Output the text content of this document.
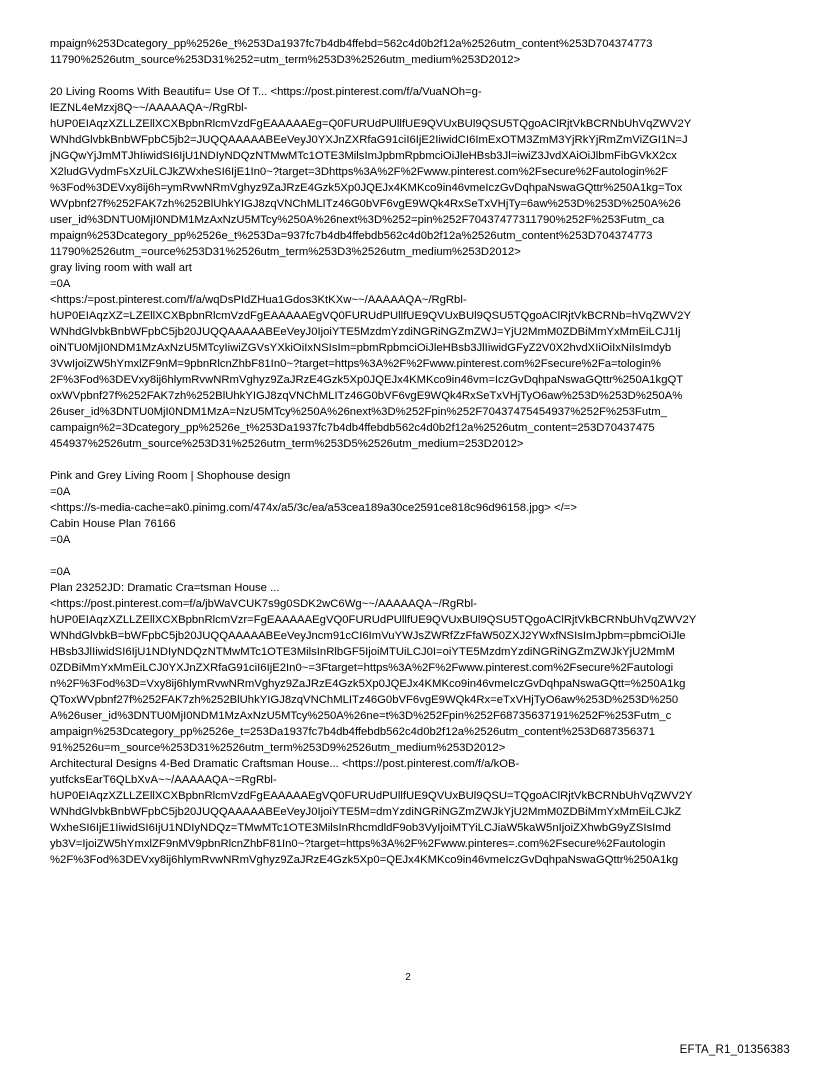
mpaign%253Dcategory_pp%2526e_t%253Da1937fc7b4db4ffebd=562c4d0b2f12a%2526utm_content%253D704374773
11790%2526utm_source%253D31%252=utm_term%253D3%2526utm_medium%253D2012>
20 Living Rooms With Beautifu= Use Of T... <https://post.pinterest.com/f/a/VuaNOh=g-
lEZNL4eMzxj8Q~~/AAAAAQA~/RgRbl-
hUP0EIAqzXZLLZEllXCXBpbnRlcmVzdFgEAAAAAEg=Q0FURUdPUllfUE9QVUxBUl9QSU5TQgoAClRjtVkBCRNbUhVqZWV2Y
WNhdGlvbkBnbWFpbC5jb2=JUQQAAAAABEeVeyJ0YXJnZXRfaG91ciI6IjE2IiwidCI6ImExOTM3ZmM3YjRkYjRmZmViZGI1N=J
jNGQwYjJmMTJhIiwidSI6IjU1NDIyNDQzNTMwMTc1OTE3MilsImJpbmRpbmciOiJleHBsb3Jl=iwiZ3JvdXAiOiJlbmFibGVkX2cx
X2ludGVydmFsXzUiLCJkZWxheSI6IjE1In0~?target=3Dhttps%3A%2F%2Fwww.pinterest.com%2Fsecure%2Fautologin%2F
%3Fod%3DEVxy8ij6h=ymRvwNRmVghyz9ZaJRzE4Gzk5Xp0JQEJx4KMKco9in46vmeIczGvDqhpaNswaGQttr%250A1kg=Tox
WVpbnf27f%252FAK7zh%252BlUhkYIGJ8zqVNChMLITz46G0bVF6vgE9WQk4RxSeTxVHjTy=6aw%253D%253D%250A%26
user_id%3DNTU0MjI0NDM1MzAxNzU5MTcy%250A%26next%3D%252=pin%252F70437477311790%252F%253Futm_ca
mpaign%253Dcategory_pp%2526e_t%253Da=937fc7b4db4ffebdb562c4d0b2f12a%2526utm_content%253D704374773
11790%2526utm_=ource%253D31%2526utm_term%253D3%2526utm_medium%253D2012>
gray living room with wall art
=0A
<https:/=post.pinterest.com/f/a/wqDsPIdZHua1Gdos3KtKXw~~/AAAAAQA~/RgRbl-
hUP0EIAqzXZ=LZEllXCXBpbnRlcmVzdFgEAAAAAEgVQ0FURUdPUllfUE9QVUxBUl9QSU5TQgoAClRjtVkBCRNb=hVqZWV2Y
WNhdGlvbkBnbWFpbC5jb20JUQQAAAAABEeVeyJ0IjoiYTE5MzdmYzdiNGRiNGZmZWJ=YjU2MmM0ZDBiMmYxMmEiLCJ1Ij
oiNTU0MjI0NDM1MzAxNzU5MTcyIiwiZGVsYXkiOiIxNSIsIm=pbmRpbmciOiJleHBsb3JlIiwidGFyZ2V0X2hvdXIiOiIxNiIsImdyb
3VwIjoiZW5hYmxlZF9nM=9pbnRlcnZhbF81In0~?target=https%3A%2F%2Fwww.pinterest.com%2Fsecure%2Fa=tologin%
2F%3Fod%3DEVxy8ij6hlymRvwNRmVghyz9ZaJRzE4Gzk5Xp0JQEJx4KMKco9in46vm=IczGvDqhpaNswaGQttr%250A1kgQT
oxWVpbnf27f%252FAK7zh%252BlUhkYIGJ8zqVNChMLITz46G0bVF6vgE9WQk4RxSeTxVHjTyO6aw%253D%253D%250A%
26user_id%3DNTU0MjI0NDM1MzA=NzU5MTcy%250A%26next%3D%252Fpin%252F70437475454937%252F%253Futm_
campaign%2=3Dcategory_pp%2526e_t%253Da1937fc7b4db4ffebdb562c4d0b2f12a%2526utm_content=253D70437475
454937%2526utm_source%253D31%2526utm_term%253D5%2526utm_medium=253D2012>
Pink and Grey Living Room | Shophouse design
=0A
<https://s-media-cache=ak0.pinimg.com/474x/a5/3c/ea/a53cea189a30ce2591ce818c96d96158.jpg> </=>
Cabin House Plan 76166
=0A
=0A
Plan 23252JD: Dramatic Cra=tsman House ...
<https://post.pinterest.com=f/a/jbWaVCUK7s9g0SDK2wC6Wg~~/AAAAAQA~/RgRbl-
hUP0EIAqzXZLLZEllXCXBpbnRlcmVzr=FgEAAAAAEgVQ0FURUdPUllfUE9QVUxBUl9QSU5TQgoAClRjtVkBCRNbUhVqZWV2Y
WNhdGlvbkB=bWFpbC5jb20JUQQAAAAABEeVeyJncm91cCI6ImVuYWJsZWRfZzFfaW50ZXJ2YWxfNSIsImJpbm=pbmciOiJle
HBsb3JlIiwidSI6IjU1NDIyNDQzNTMwMTc1OTE3MilsInRlbGF5IjoiMTUiLCJ0I=oiYTE5MzdmYzdiNGRiNGZmZWJkYjU2MmM
0ZDBiMmYxMmEiLCJ0YXJnZXRfaG91ciI6IjE2In0~=3Ftarget=https%3A%2F%2Fwww.pinterest.com%2Fsecure%2Fautologi
n%2F%3Fod%3D=Vxy8ij6hlymRvwNRmVghyz9ZaJRzE4Gzk5Xp0JQEJx4KMKco9in46vmeIczGvDqhpaNswaGQtt=%250A1kg
QToxWVpbnf27f%252FAK7zh%252BlUhkYIGJ8zqVNChMLITz46G0bVF6vgE9WQk4Rx=eTxVHjTyO6aw%253D%253D%250
A%26user_id%3DNTU0MjI0NDM1MzAxNzU5MTcy%250A%26ne=t%3D%252Fpin%252F68735637191%252F%253Futm_c
ampaign%253Dcategory_pp%2526e_t=253Da1937fc7b4db4ffebdb562c4d0b2f12a%2526utm_content%253D687356371
91%2526u=m_source%253D31%2526utm_term%253D9%2526utm_medium%253D2012>
Architectural Designs 4-Bed Dramatic Craftsman House... <https://post.pinterest.com/f/a/kOB-
yutfcksEarT6QLbXvA~~/AAAAAQA~=RgRbl-
hUP0EIAqzXZLLZEllXCXBpbnRlcmVzdFgEAAAAAEgVQ0FURUdPUllfUE9QVUxBUl9QSU=TQgoAClRjtVkBCRNbUhVqZWV2Y
WNhdGlvbkBnbWFpbC5jb20JUQQAAAAABEeVeyJ0IjoiYTE5M=dmYzdiNGRiNGZmZWJkYjU2MmM0ZDBiMmYxMmEiLCJkZ
WxheSI6IjE1IiwidSI6IjU1NDIyNDQz=TMwMTc1OTE3MilsInRhcmdldF9ob3VyIjoiMTYiLCJiaW5kaW5nIjoiZXhwbG9yZSIsImd
yb3V=IjoiZW5hYmxlZF9nMV9pbnRlcnZhbF81In0~?target=https%3A%2F%2Fwww.pinteres=.com%2Fsecure%2Fautologin
%2F%3Fod%3DEVxy8ij6hlymRvwNRmVghyz9ZaJRzE4Gzk5Xp0=QEJx4KMKco9in46vmeIczGvDqhpaNswaGQttr%250A1kg
2
EFTA_R1_01356383
